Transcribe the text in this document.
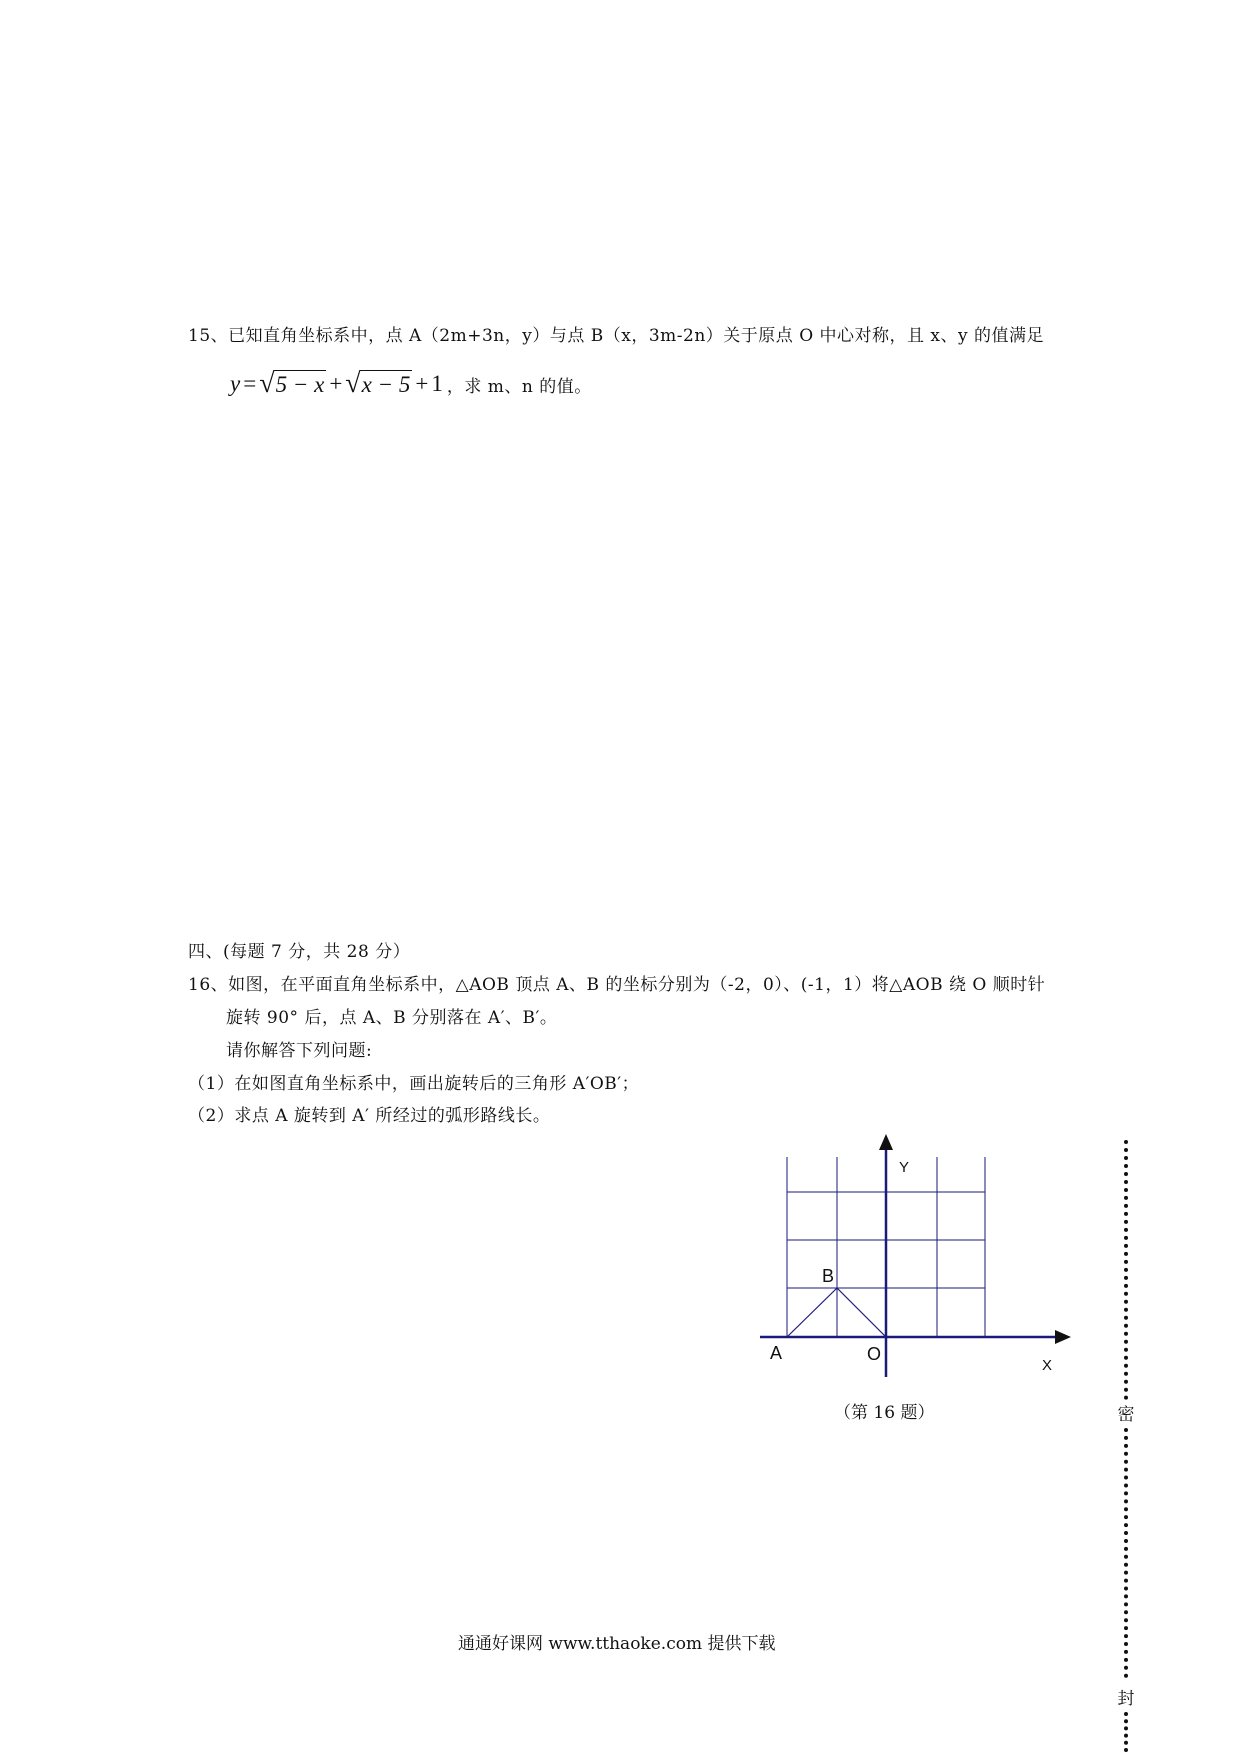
15、已知直角坐标系中，点 A（2m+3n，y）与点 B（x，3m-2n）关于原点 O 中心对称，且 x、y 的值满足
y = √ 5 − x + √ x − 5 + 1 ，求 m、n 的值。
四、(每题 7 分，共 28 分）
16、如图，在平面直角坐标系中，△AOB 顶点 A、B 的坐标分别为（-2，0）、(-1，1）将△AOB 绕 O 顺时针
旋转 90° 后，点 A、B 分别落在 A′、B′。
请你解答下列问题:
（1）在如图直角坐标系中，画出旋转后的三角形 A′OB′；
（2）求点 A 旋转到 A′ 所经过的弧形路线长。
Y
X
B
A	O
（第 16 题）
通通好课网 www.tthaoke.com 提供下载
密
封
